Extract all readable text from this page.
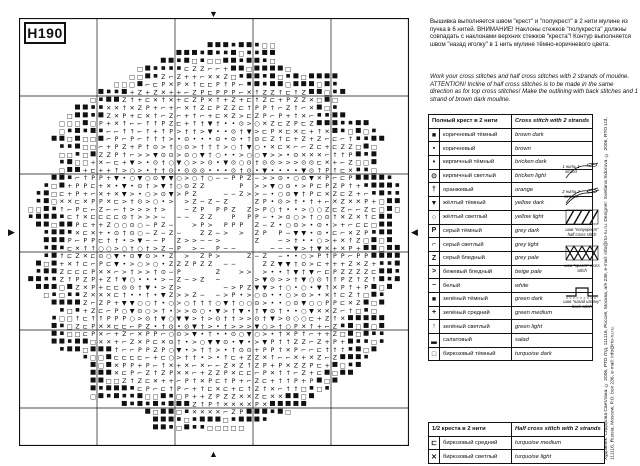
□ □
□
□ □ □	□
□	⊏ Z Z ⌐ ⌐ +	□	□
□ □	Z ⌐ Z + + ⌐ ✕ ✕ Z □	□	□
□ □ □ ⌐ ⊏ P ✕ P ✕ ↑ ⊏ ⊏ P ↑ P ⌐	□	□
+ Z + Z ✕ + + ⌐ Z P ⊏ P P P ⌐ ✕ ↑ Z Z ↑ ⊏ ↑ Z	□
□	Z ↑ + ⊏ ✕ ↑ ✕ + ⊏ Z P ✕ ↑ + Z + ⊏ ↑ Z ⊏ + P Z Z ✕ □ □
✕ ✕ ↑ ✕ Z P + ⌐ + ⌐ ✕ ↑ Z ⊏ P Z Z ⊏ ↑ P P ↑ ⌐ Z ↑ ⌐ ✕ □
□	Z ✕ P + ⊏ ✕ ↑ ⌐ Z ⌐ + ↑ ⌐ + ⊏ ✕ Z > ⊏ Z P ⌐ P + ↑ ✕ ⌐
□ □ □ □ P + ✕ ↑ ⌐ ⌐ ↑ ↑ P Z ⊏ + ↑ † ▼ † • • ⊙ > ○ ✕ Z ⊏ Z P ⊏ Z
□	⌐ ⌐ ↑ ↑ ⌐ ↑ + ↑ P > † † > ▼ • • ⊙ † ▼ > ⊏ P ✕ ⊏ ✕ ⊏ + ↑ ✕	□ □
□ □ □ ⌐ P ⌐ P ⌐ ↑ ↑ † > • ⊙ • • • ⊙ • ⊙ • † ⊙ ⊏ Z ↑ ⊏ + Z + Z ⌐ ⊏ ⌐ ↑
□ □ ⌐ + P Z + P † ⊙ > † ○ ⊙ > † † † > ○ † ▼ ○ • ✕ ⊏ ✕ ⌐ ⌐ Z ⊏ + ⊏ Z Z □ □
□ □ □ Z Z P ↑ ⌐ > > ▼ ⊙ ⊙ > ⊙ ○ ▼ † ○ • • > ○ ○ ▼ > > • ⊙ ✕ ✕ ✕ ⌐ ↑ ↑ P
□ □ + ✕ ⌐ ⊏ + ▼ > • ⊙ † ○ ▼ ○ > > ⊙ • ▼ ⊙ ○ ⊙ † ⊙ ⊙ > > > ⊙ ⊙ ⊏ ✕ + ⌐ Z □ □
□	+ ⊏ + + ↑ > ○ > • † † ⊙ • ⊙ ⊙ ⊙ • • • ⊙ † ⊙ • ▼ • • • • ▼ ⊙ ↑ P ↑ ⊏ ✕	□
⌐ ↑ P P + ▼ • ○ ▼ ○ ⊙ ▼ ▼ ○ > ○ † ○ − − P P Z − > > ⊙ • ○ ⊙ ▼ ✕ P ⌐ ⊏ P
□ + P P ⊏ + ✕ • ▼ • ⊙ † > ▼ † ○ ⊙ Z Z	P > > ▼ ○ ⊙ • > P ⊏ P Z P ↑ +
□ ⊏ + P + ⌐ ✕ + ✕ ▼ > • ○ > ⊙ ▼ > P Z	− − Z > > − • ○ ⊙ ▼ † P ⊏ ✕ Z ⊏ Z + ⌐
□ ✕ ✕ ⊏ ✕ P P ✕ ⊏ > † ⊙ > ○ • > > Z − Z − Z	Z P • ⊙ > † • † + ⌐ ✕ Z ✕ ✕ P + □
□ □	↑ ⌐ P ⊏ ⌐ Z ⌐ ⌐ † > > > † >	− Z P P P Z Z > P ○ † • • > ○ ○ Z ⊏ Z ⌐ ⌐ Z ⊏ □ □
⊏ ↑ ✕ ⊏ ⊏ ⊏ ⊏ ⊙ † > > > − − − Z Z	P P P − • > ⊙ ○ > † ○ ⊙ ↑ ✕ Z ✕ ↑ ⊏
□	P ⊏ + + Z ○ ○ ⊙ ○ − P Z −	> P > P P P Z − Z • ○ ⊙ > • ⊙ • > + ⌐ ⊏ ⊏ □
✕ ⊏ ✕ + • ⊙ † ⊙ ○ − Z − Z −	Z Z − > > Z P P − ▼ ▼ • ⊙ • ⊏ ⌐ ✕ Z P
P ⌐ P P ⊏ † † • > ▼ − − P Z > > − − >	Z	− > † • • ○ > + ✕ ↑ Z □ □
⊏ ✕ ↑ ↑ ○ ○ > ○ † ○ † > Z − P > − P − −	− − − ▼ > † ▼ ✕ + ✕ P +	□
↑ ⊏ Z ✕ ⊏ ⊙ ○ ▼ • ⊙ ▼ ⊙ > • Z > Z P >	Z − Z − • • ○ > P ↑ P P ⌐ P P
□ + ✕ ↑ ⊏ ⌐ P ⊏ ▼ • > ○ > ○ • Z Z Z P Z Z − −	Z Z ▼ ▼ † ⊙ > ⊏ + + + Z ✕ Z +
Z ⊏ ⊏ ⊏ P ✕ ✕ ⌐ > † > > † ⊙ − P	Z	> > > • • † ▼ † ▼ ⌐ ⊏ P Z Z Z Z ⊏
Z ↑ P Z P + Z ↑ ▼ ○ • • • > − Z − > Z −	> ▼ ⊙ > > † ▼ ○ ⊙ ↑ ↑ P Z ↑ Z ↑
□ Z ✕ P + ⊏ ⊏ ⊙ ⊙ † ▼ • > Z >	− > P Z ▼ ▼ > † ○ • ○ • ▼ ↑ ✕ P ↑ + P □
□ □	Z ✕ ✕ ✕ ⊏ † • • † • ▼ Z > > Z − − > P • > ○ ⊙ • • ○ > ⊙ > • ✕ ↑ ⊏ Z ↑ □
Z ⌐ Z P + ▼ ▼ ○ ○ † • ○ > ○ † † † ○ ▼ † ○ ○ ⊙ > • • ○ ⊙ ▼ ○ ○ P P ⊏ ✕ Z □
□ + Z ⊏ ⌐ P ○ ▼ ⊙ ○ > † • > > ⊙ ○ • ▼ > † ▼ • † ▼ ⊙ † • • ○ ▼ ✕ ✕ Z ⌐ ↑ □ □
□ □ ↑ ⊏ ↑ ↑ P P P ○ > ⊙ † ▼ ○ ▼ ▼ > † > ⊙ † † > > ⊙ † ▼ > ⊙ ○ ○ ⊏ + Z ↑ ✕
□ Z ⊏ P ✕ ✕ ⊏ ⊏ ⌐ P Z • † ⊙ • ⊙ ▼ † > • † > > > ▼ ○ > † ○ P ✕ ↑ + ⌐ Z	□ □
□ □ ⊏ P ✕ ⌐ + Z ⌐ ✕ P P ⌐ ○ ⊙ > ▼ • † • • ⊙ ○ ▼ ○ > • † ✕ P ↑ ⌐ + + Z □ □
□ ✕ ✕ + ⌐ Z ✕ P ⊏ ✕ ⊙ † • > ○ ▼ ▼ ⊙ • ▼ • > ▼ P ↑ ↑ Z Z ⌐ Z + P +	□
□	↑ ⌐ ⌐ P P Z P ○ ▼ • > † † > • † ⊙ ⊙ + P P ↑ ✕ P ⌐ ⌐ ⊏ ↑ ↑ ↑	□
□ □ ⊏ ⊏ ⊏ ⊏ ⌐ + ⊏ ○ > † † • > • ↑ ⊏ + Z Z ✕ ↑ ⌐ ⌐ ✕ + ✕ Z ⌐ Z
□ ✕ P P + P ⌐ ↑ ✕ + ✕ ⌐ ✕ ⌐ ⌐ Z ✕ Z ↑ Z P + P ✕ Z Z P ⊏ + □
✕ ⊏ P ⌐ Z ↑ Z P ✕ ✕ ⌐ + Z Z P ✕ ⊏ ⊏ ⌐ P ✕ ↑ ↑ ⌐ Z + ⊏ □
□ □ Z ↑ Z ⊏ ✕ + + ⌐ P ↑ ✕ P ⊏ ↑ P + ⌐ Z ⊏ + ↑ ↑ P + P □
⊏ P ⌐ ⊏ ↑ P ⌐ + ↑ ⊏ ✕ ⊏ + ⊏ ↑ Z ↑ ✕ ⌐ ↑ ↑ □ □
□	□ □	□ P + + Z P Z Z ✕ ✕ Z ⊏ ✕ ✕	□
Z ↑ P ↑ ✕ ✕ ✕ ✕ P ✕
□	□ ✕ ✕ ✕ ✕ ⌐ Z P	□
□	□
□	□ □ □ □ □
H190
▼
▲
▶	◀
Вышивка выполняется швом "крест" и "полукрест" в 2 нити мулине из пучка в 6 нитей. ВНИМАНИЕ! Наклоны стежков "полукреста" должны совпадать с наклонами верхних стежков "креста"! Контур выполняется швом "назад иголку" в 1 нить мулине тёмно-коричневого цвета.
Work your cross stitches and half cross stitches with 2 strands of mouline. ATTENTION! Incline of half cross stitches is to be made in the same direction as for top cross stitches! Make the outlining with back stitches and 1 strand of brown dark mouline.
Полный крест в 2 нити		Cross stitch with 2 strands
■	коричневый тёмный	brown dark
▪	коричневый	brown
•	кирпичный тёмный	bricken dark
⊙	кирпичный светлый	bricken light
†	оранжевый	orange
▼	жёлтый тёмный	yellow dark
○	жёлтый светлый	yellow light
P	серый тёмный	grey dark
⌐	серый светлый	grey light
Z	серый бледный	grey pale
>	бежевый бледный	beige pale
−	белый	white
■	зелёный тёмный	green dark
+	зелёный средний	green medium
↑	зелёный светлый	green light
▂	салатовый	salad
□	бирюзовый тёмный	turquoise dark
1/2 креста в 2 нити		Half cross stitch with 2 strands
⊏	бирюзовый средний	turquoise medium
✕	бирюзовый светлый	turquoise light
1 нить 1 strand
2 нити 2 strands
шов "полукрест" half cross stitch
шов "крест" cross stitch
шов "назад иголку" back stitch	Художник: Сидорова Светлана. © 2006, РТО Лтд, 111116, Россия, Москва, а/я 236, e-mail: info@rto-ru.ru. Designer: Svetlana Sidorova. © 2006, RTO Ltd, 111116, Russia, Moscow, P.O. box 236, e-mail: info@rto-ru.ru.
